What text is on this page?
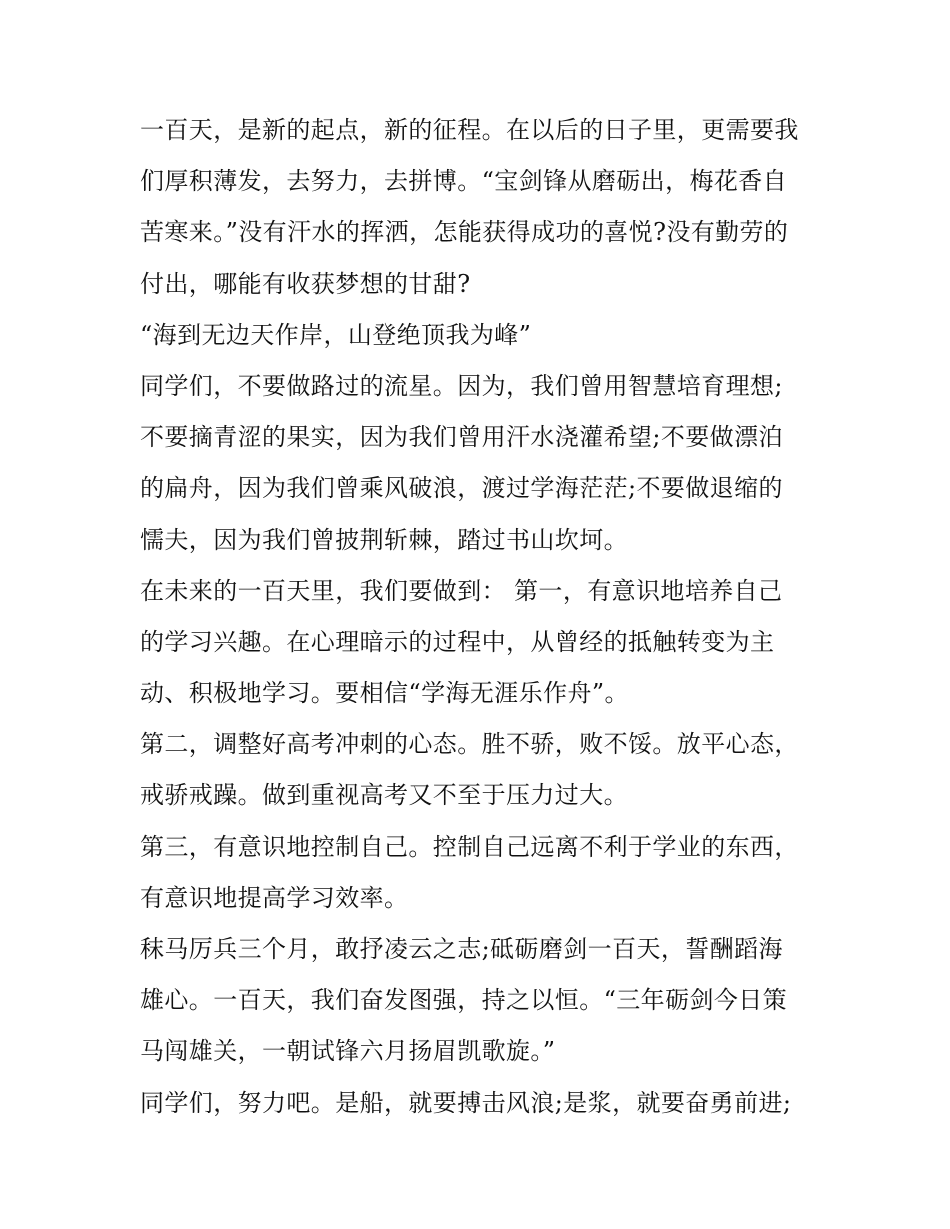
一百天，是新的起点，新的征程。在以后的日子里，更需要我
们厚积薄发，去努力，去拼博。“宝剑锋从磨砺出，梅花香自
苦寒来。”没有汗水的挥洒，怎能获得成功的喜悦?没有勤劳的
付出，哪能有收获梦想的甘甜?
“海到无边天作岸，山登绝顶我为峰”
同学们，不要做路过的流星。因为，我们曾用智慧培育理想;
不要摘青涩的果实，因为我们曾用汗水浇灌希望;不要做漂泊
的扁舟，因为我们曾乘风破浪，渡过学海茫茫;不要做退缩的
懦夫，因为我们曾披荆斩棘，踏过书山坎坷。
在未来的一百天里，我们要做到： 第一，有意识地培养自己
的学习兴趣。在心理暗示的过程中，从曾经的抵触转变为主
动、积极地学习。要相信“学海无涯乐作舟”。
第二，调整好高考冲刺的心态。胜不骄，败不馁。放平心态，
戒骄戒躁。做到重视高考又不至于压力过大。
第三，有意识地控制自己。控制自己远离不利于学业的东西，
有意识地提高学习效率。
秣马厉兵三个月，敢抒凌云之志;砥砺磨剑一百天，誓酬蹈海
雄心。一百天，我们奋发图强，持之以恒。“三年砺剑今日策
马闯雄关，一朝试锋六月扬眉凯歌旋。”
同学们，努力吧。是船，就要搏击风浪;是浆，就要奋勇前进;
